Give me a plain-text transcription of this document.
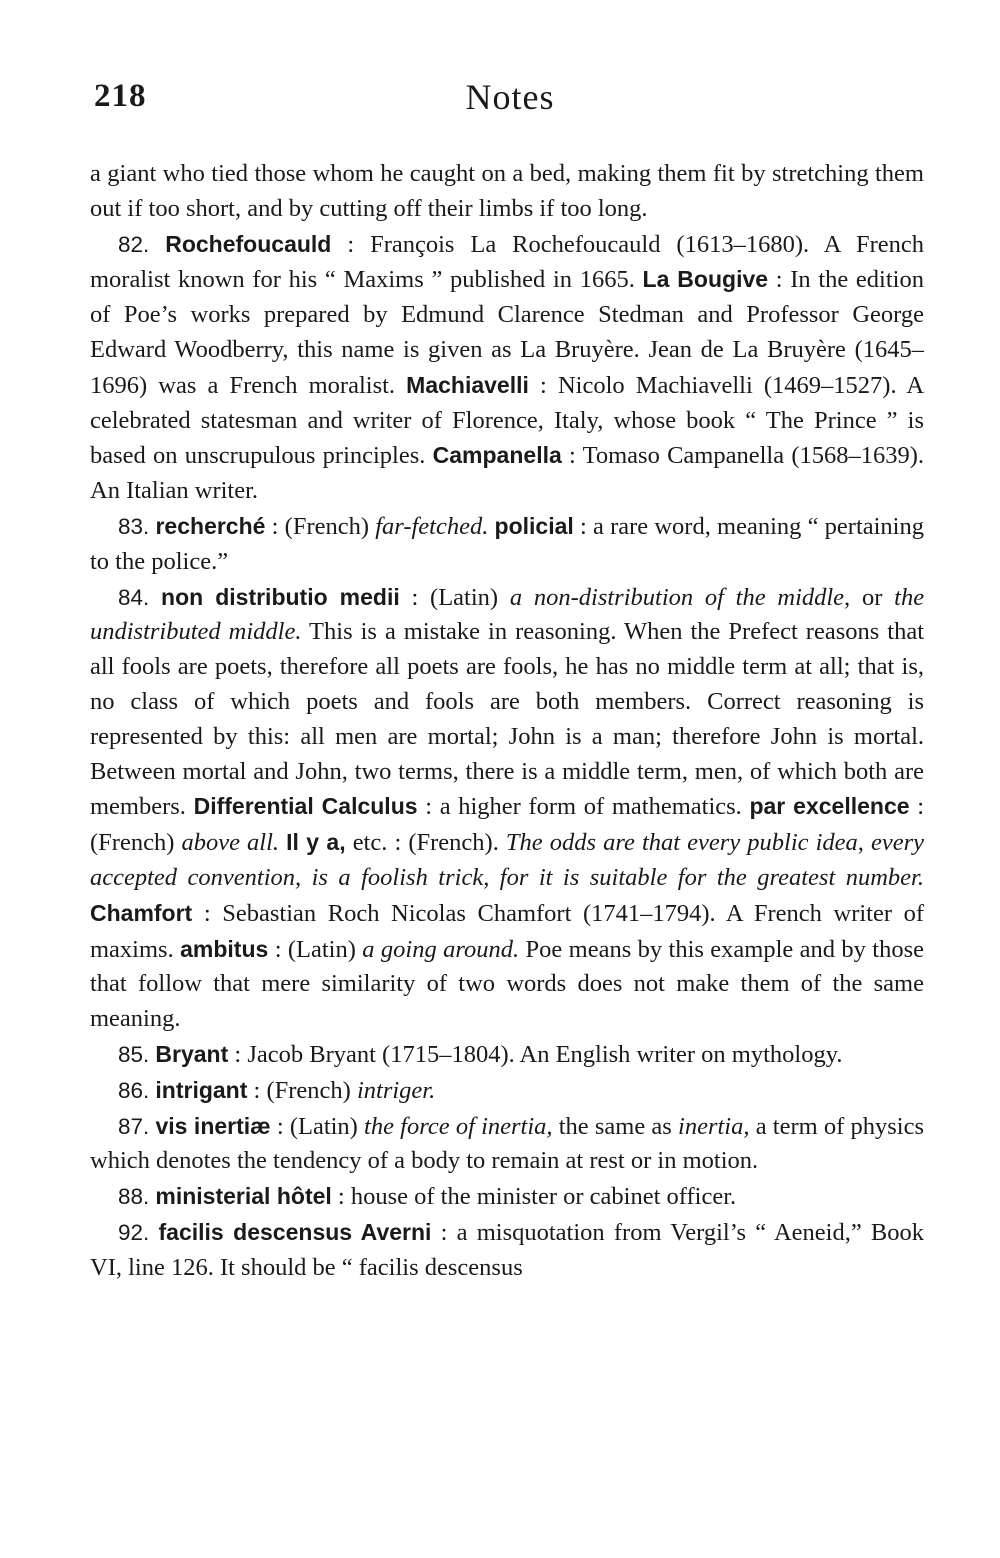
218	Notes

a giant who tied those whom he caught on a bed, making them fit by stretching them out if too short, and by cutting off their limbs if too long.

82. Rochefoucauld : François La Rochefoucauld (1613–1680). A French moralist known for his “ Maxims ” published in 1665. La Bougive : In the edition of Poe’s works prepared by Edmund Clarence Stedman and Professor George Edward Woodberry, this name is given as La Bruyère. Jean de La Bruyère (1645–1696) was a French moralist. Machiavelli : Nicolo Machiavelli (1469–1527). A celebrated statesman and writer of Florence, Italy, whose book “ The Prince ” is based on unscrupulous principles. Campanella : Tomaso Campanella (1568–1639). An Italian writer.

83. recherché : (French) far-fetched. policial : a rare word, meaning “ pertaining to the police.”

84. non distributio medii : (Latin) a non-distribution of the middle, or the undistributed middle. This is a mistake in reasoning. When the Prefect reasons that all fools are poets, therefore all poets are fools, he has no middle term at all; that is, no class of which poets and fools are both members. Correct reasoning is represented by this: all men are mortal; John is a man; therefore John is mortal. Between mortal and John, two terms, there is a middle term, men, of which both are members. Differential Calculus : a higher form of mathematics. par excellence : (French) above all. Il y a, etc. : (French). The odds are that every public idea, every accepted convention, is a foolish trick, for it is suitable for the greatest number. Chamfort : Sebastian Roch Nicolas Chamfort (1741–1794). A French writer of maxims. ambitus : (Latin) a going around. Poe means by this example and by those that follow that mere similarity of two words does not make them of the same meaning.

85. Bryant : Jacob Bryant (1715–1804). An English writer on mythology.

86. intrigant : (French) intriger.

87. vis inertiæ : (Latin) the force of inertia, the same as inertia, a term of physics which denotes the tendency of a body to remain at rest or in motion.

88. ministerial hôtel : house of the minister or cabinet officer.

92. facilis descensus Averni : a misquotation from Vergil’s “ Aeneid,” Book VI, line 126. It should be “ facilis descensus
